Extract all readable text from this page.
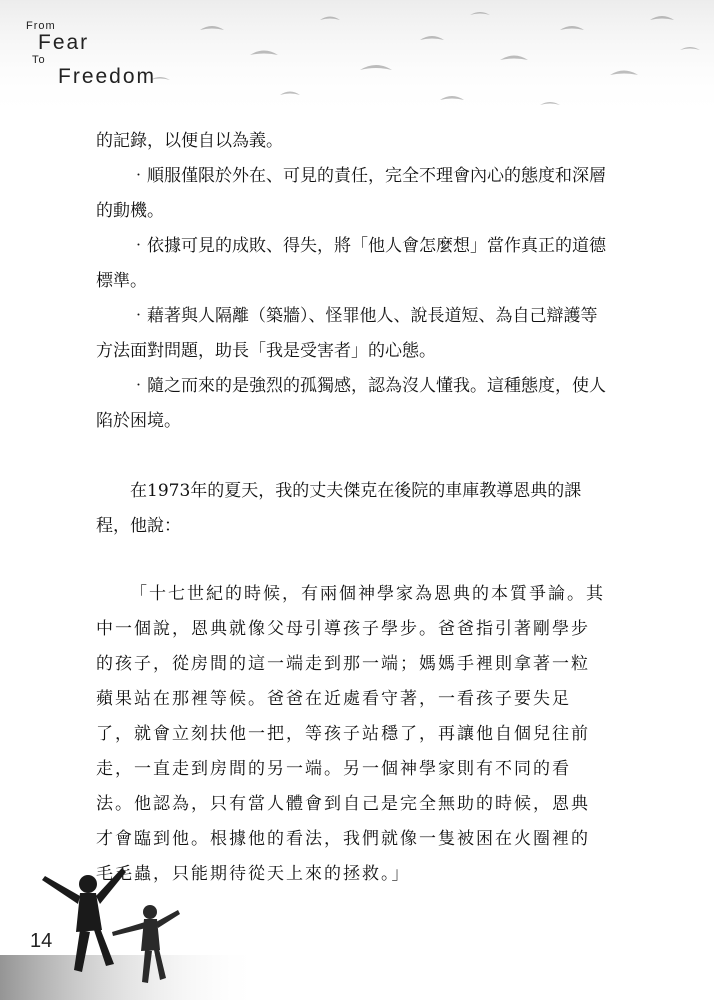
From
Fear
To
Freedom

的記錄，以便自以為義。

‧順服僅限於外在、可見的責任，完全不理會內心的態度和深層的動機。

‧依據可見的成敗、得失，將「他人會怎麼想」當作真正的道德標準。

‧藉著與人隔離（築牆）、怪罪他人、說長道短、為自己辯護等方法面對問題，助長「我是受害者」的心態。

‧隨之而來的是強烈的孤獨感，認為沒人懂我。這種態度，使人陷於困境。

在1973年的夏天，我的丈夫傑克在後院的車庫教導恩典的課程，他說：

「十七世紀的時候，有兩個神學家為恩典的本質爭論。其中一個說，恩典就像父母引導孩子學步。爸爸指引著剛學步的孩子，從房間的這一端走到那一端；媽媽手裡則拿著一粒蘋果站在那裡等候。爸爸在近處看守著，一看孩子要失足了，就會立刻扶他一把，等孩子站穩了，再讓他自個兒往前走，一直走到房間的另一端。另一個神學家則有不同的看法。他認為，只有當人體會到自己是完全無助的時候，恩典才會臨到他。根據他的看法，我們就像一隻被困在火圈裡的毛毛蟲，只能期待從天上來的拯救。」

14
